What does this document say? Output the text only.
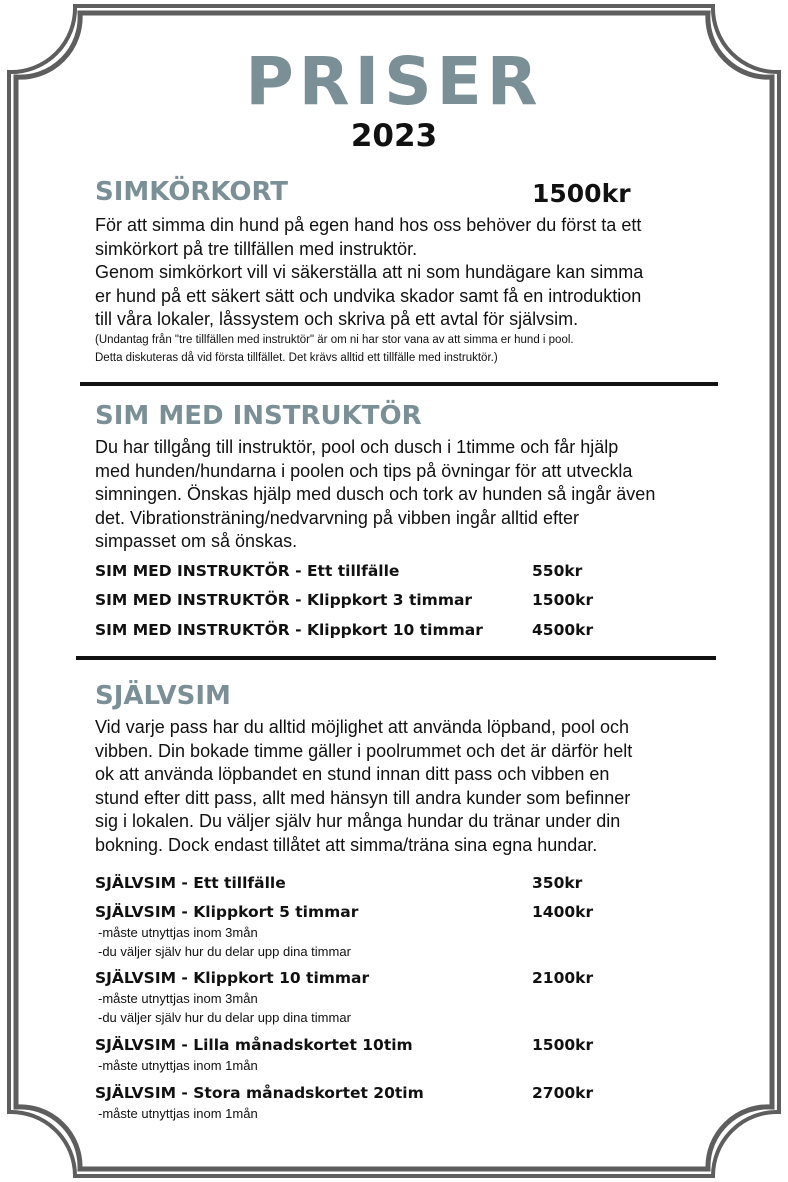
PRISER
2023
SIMKÖRKORT	1500kr

För att simma din hund på egen hand hos oss behöver du först ta ett

simkörkort på tre tillfällen med instruktör.

Genom simkörkort vill vi säkerställa att ni som hundägare kan simma

er hund på ett säkert sätt och undvika skador samt få en introduktion

till våra lokaler, låssystem och skriva på ett avtal för självsim.

(Undantag från "tre tillfällen med instruktör" är om ni har stor vana av att simma er hund i pool.
Detta diskuteras då vid första tillfället. Det krävs alltid ett tillfälle med instruktör.)
SIM MED INSTRUKTÖR

Du har tillgång till instruktör, pool och dusch i 1timme och får hjälp

med hunden/hundarna i poolen och tips på övningar för att utveckla

simningen. Önskas hjälp med dusch och tork av hunden så ingår även

det. Vibrationsträning/nedvarvning på vibben ingår alltid efter

simpasset om så önskas.

SIM MED INSTRUKTÖR - Ett tillfälle	550kr
SIM MED INSTRUKTÖR - Klippkort 3 timmar	1500kr
SIM MED INSTRUKTÖR - Klippkort 10 timmar	4500kr
SJÄLVSIM

Vid varje pass har du alltid möjlighet att använda löpband, pool och

vibben. Din bokade timme gäller i poolrummet och det är därför helt

ok att använda löpbandet en stund innan ditt pass och vibben en

stund efter ditt pass, allt med hänsyn till andra kunder som befinner

sig i lokalen. Du väljer själv hur många hundar du tränar under din

bokning. Dock endast tillåtet att simma/träna sina egna hundar.

SJÄLVSIM - Ett tillfälle	350kr
SJÄLVSIM - Klippkort 5 timmar	1400kr
-måste utnyttjas inom 3mån
-du väljer själv hur du delar upp dina timmar
SJÄLVSIM - Klippkort 10 timmar	2100kr
-måste utnyttjas inom 3mån
-du väljer själv hur du delar upp dina timmar
SJÄLVSIM - Lilla månadskortet 10tim	1500kr
-måste utnyttjas inom 1mån
SJÄLVSIM - Stora månadskortet 20tim	2700kr
-måste utnyttjas inom 1mån
